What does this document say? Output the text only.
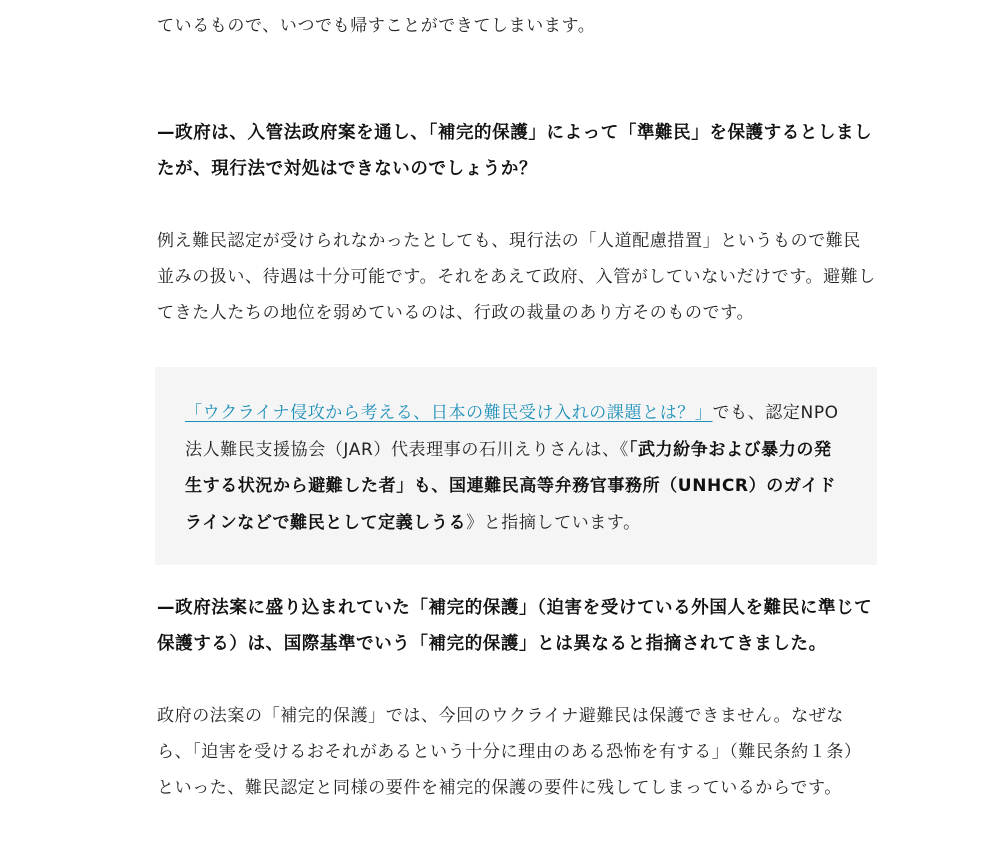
ているもので、いつでも帰すことができてしまいます。

—政府は、入管法政府案を通し、「補完的保護」によって「準難民」を保護するとしましたが、現行法で対処はできないのでしょうか？

例え難民認定が受けられなかったとしても、現行法の「人道配慮措置」というもので難民並みの扱い、待遇は十分可能です。それをあえて政府、入管がしていないだけです。避難してきた人たちの地位を弱めているのは、行政の裁量のあり方そのものです。

「ウクライナ侵攻から考える、日本の難民受け入れの課題とは？」でも、認定NPO法人難民支援協会（JAR）代表理事の石川えりさんは、《「武力紛争および暴力の発生する状況から避難した者」も、国連難民高等弁務官事務所（UNHCR）のガイドラインなどで難民として定義しうる》と指摘しています。

—政府法案に盛り込まれていた「補完的保護」（迫害を受けている外国人を難民に準じて保護する）は、国際基準でいう「補完的保護」とは異なると指摘されてきました。

政府の法案の「補完的保護」では、今回のウクライナ避難民は保護できません。なぜなら、「迫害を受けるおそれがあるという十分に理由のある恐怖を有する」（難民条約１条）といった、難民認定と同様の要件を補完的保護の要件に残してしまっているからです。
